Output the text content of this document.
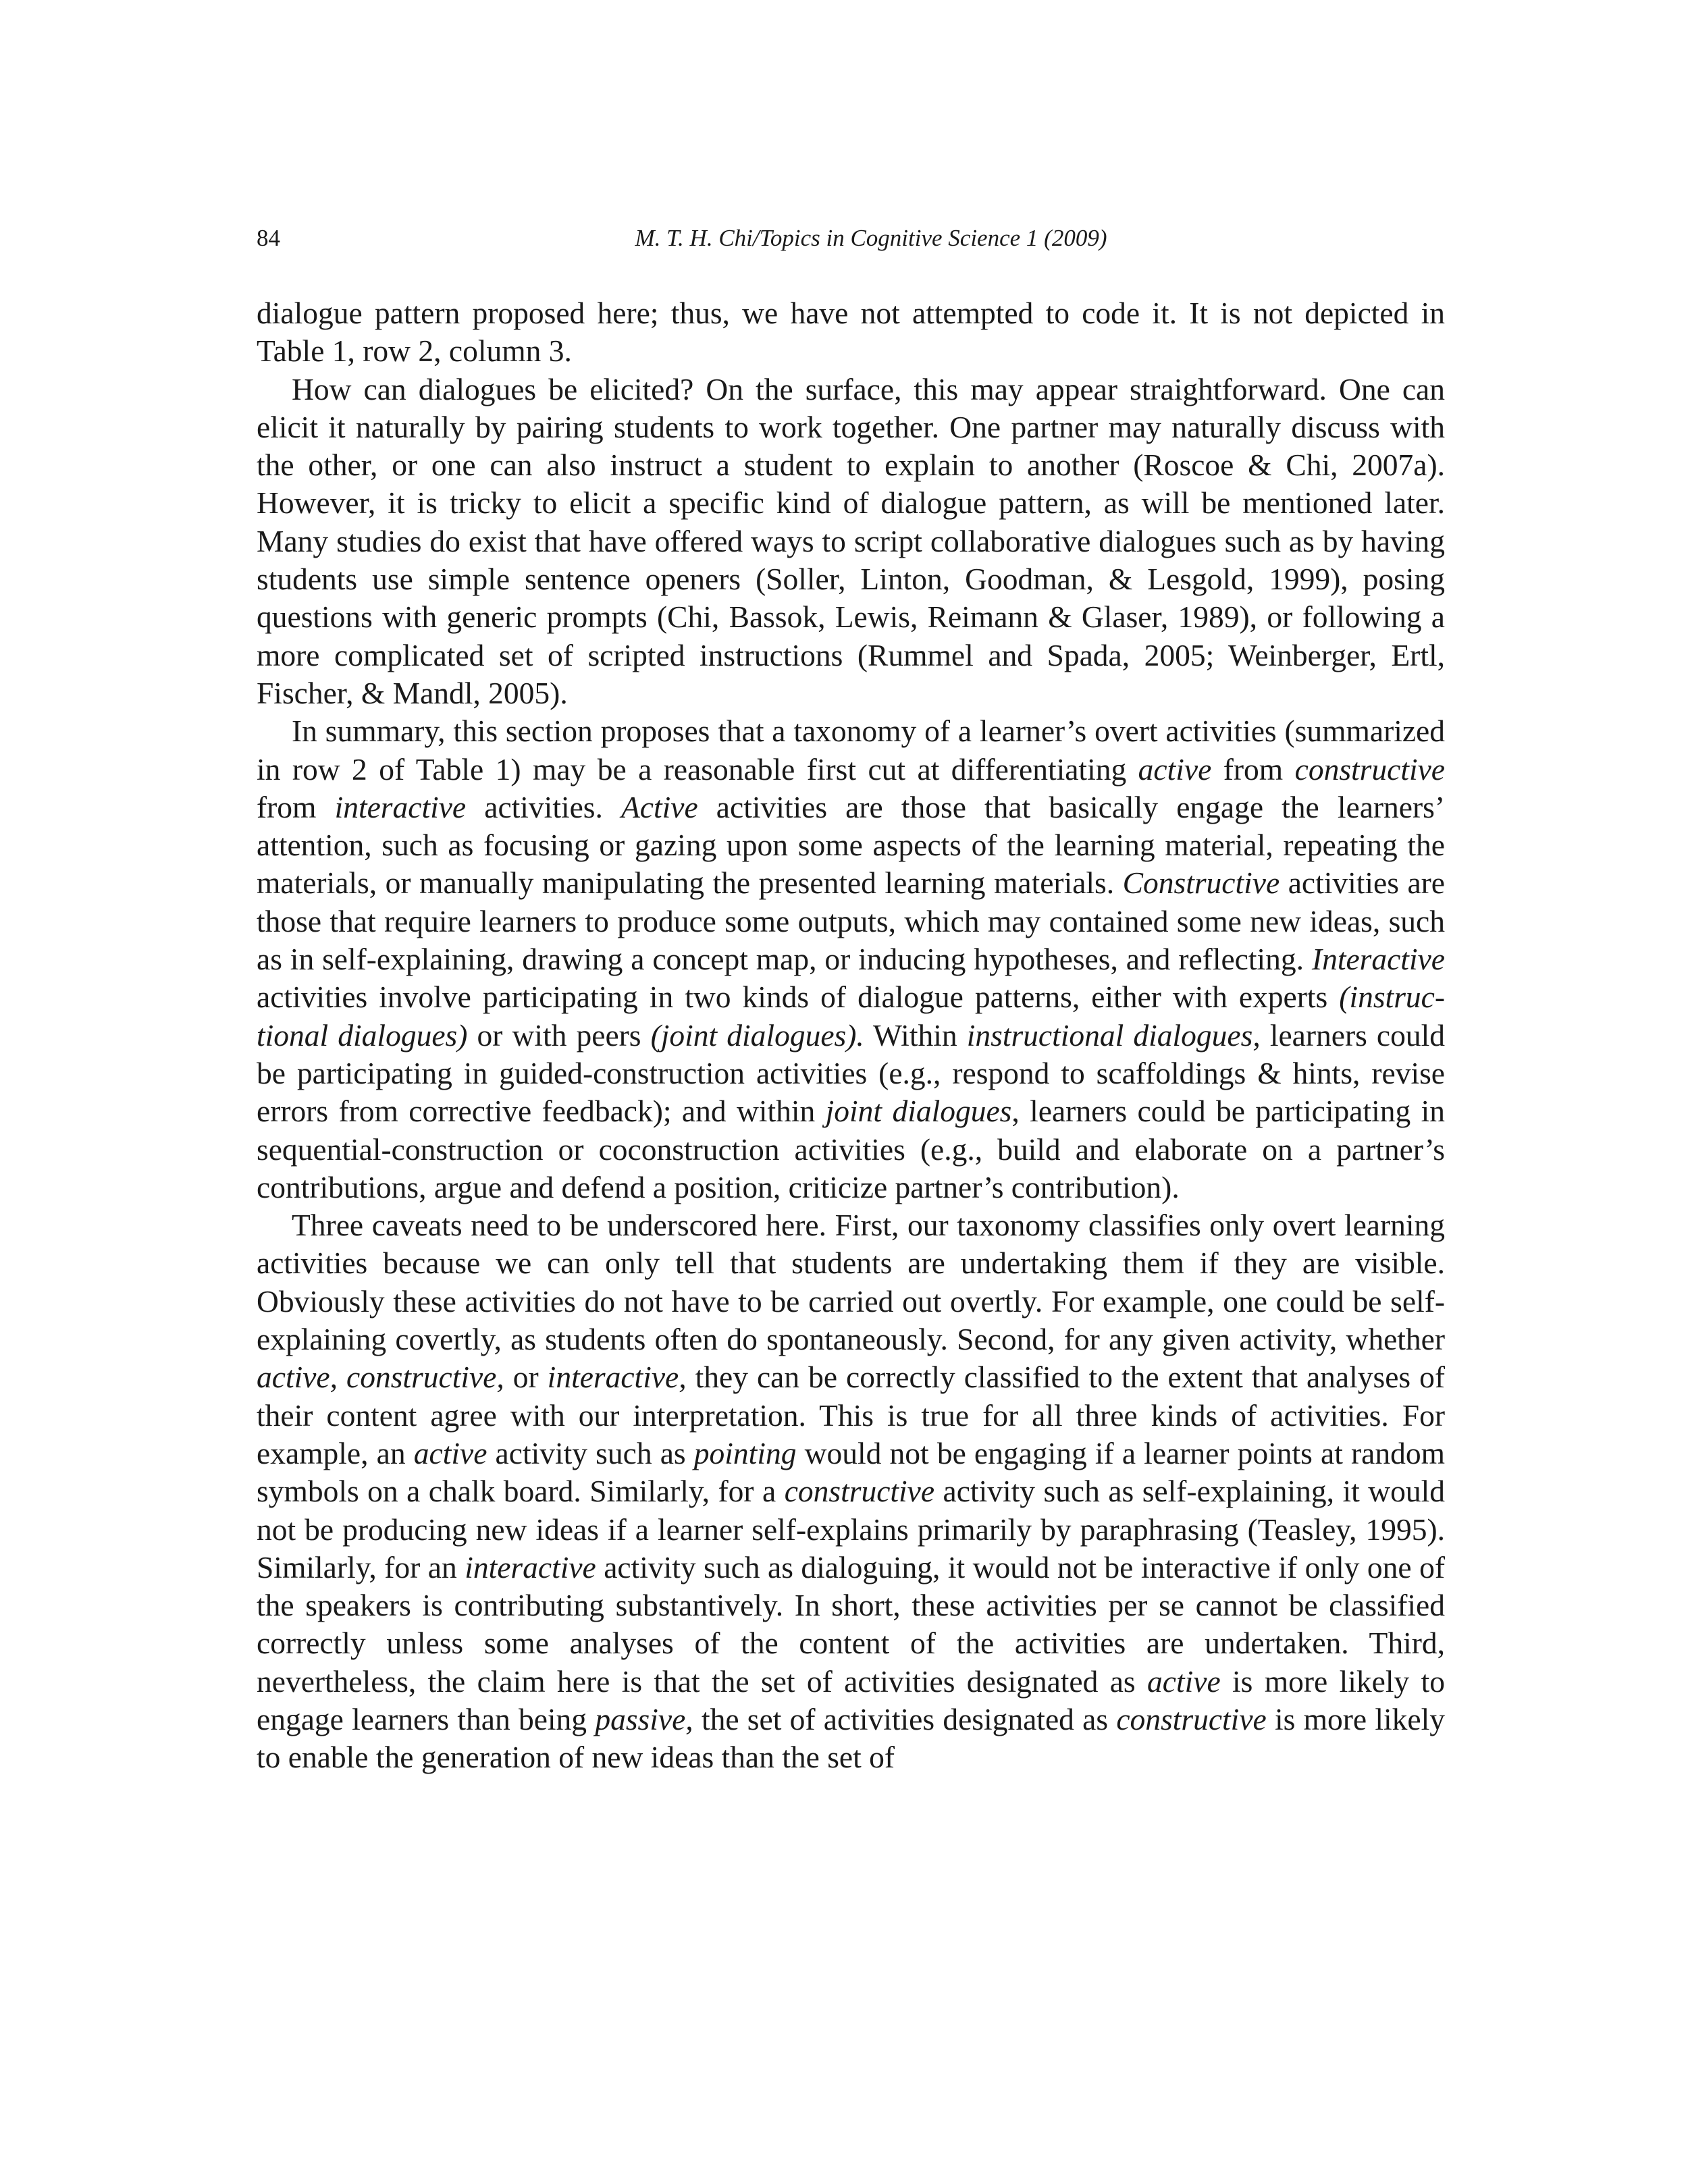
84	M. T. H. Chi/Topics in Cognitive Science 1 (2009)

dialogue pattern proposed here; thus, we have not attempted to code it. It is not depicted in Table 1, row 2, column 3.

How can dialogues be elicited? On the surface, this may appear straightforward. One can elicit it naturally by pairing students to work together. One partner may naturally discuss with the other, or one can also instruct a student to explain to another (Roscoe & Chi, 2007a). However, it is tricky to elicit a specific kind of dialogue pattern, as will be mentioned later. Many studies do exist that have offered ways to script collaborative dialogues such as by having students use simple sentence openers (Soller, Linton, Goodman, & Lesgold, 1999), posing questions with generic prompts (Chi, Bassok, Lewis, Reimann & Glaser, 1989), or following a more complicated set of scripted instructions (Rummel and Spada, 2005; Weinberger, Ertl, Fischer, & Mandl, 2005).

In summary, this section proposes that a taxonomy of a learner’s overt activities (summarized in row 2 of Table 1) may be a reasonable first cut at differentiating active from constructive from interactive activities. Active activities are those that basically engage the learners’ attention, such as focusing or gazing upon some aspects of the learning material, repeating the materials, or manually manipulating the presented learning materials. Constructive activities are those that require learners to produce some outputs, which may contained some new ideas, such as in self-explaining, drawing a concept map, or inducing hypotheses, and reflecting. Interactive activities involve participating in two kinds of dialogue patterns, either with experts (instructional dialogues) or with peers (joint dialogues). Within instructional dialogues, learners could be participating in guided-construction activities (e.g., respond to scaffoldings & hints, revise errors from corrective feedback); and within joint dialogues, learners could be participating in sequential-construction or coconstruction activities (e.g., build and elaborate on a partner’s contributions, argue and defend a position, criticize partner’s contribution).

Three caveats need to be underscored here. First, our taxonomy classifies only overt learning activities because we can only tell that students are undertaking them if they are visible. Obviously these activities do not have to be carried out overtly. For example, one could be self-explaining covertly, as students often do spontaneously. Second, for any given activity, whether active, constructive, or interactive, they can be correctly classified to the extent that analyses of their content agree with our interpretation. This is true for all three kinds of activities. For example, an active activity such as pointing would not be engaging if a learner points at random symbols on a chalk board. Similarly, for a constructive activity such as self-explaining, it would not be producing new ideas if a learner self-explains primarily by paraphrasing (Teasley, 1995). Similarly, for an interactive activity such as dialoguing, it would not be interactive if only one of the speakers is contributing substantively. In short, these activities per se cannot be classified correctly unless some analyses of the content of the activities are undertaken. Third, nevertheless, the claim here is that the set of activities designated as active is more likely to engage learners than being passive, the set of activities designated as constructive is more likely to enable the generation of new ideas than the set of
